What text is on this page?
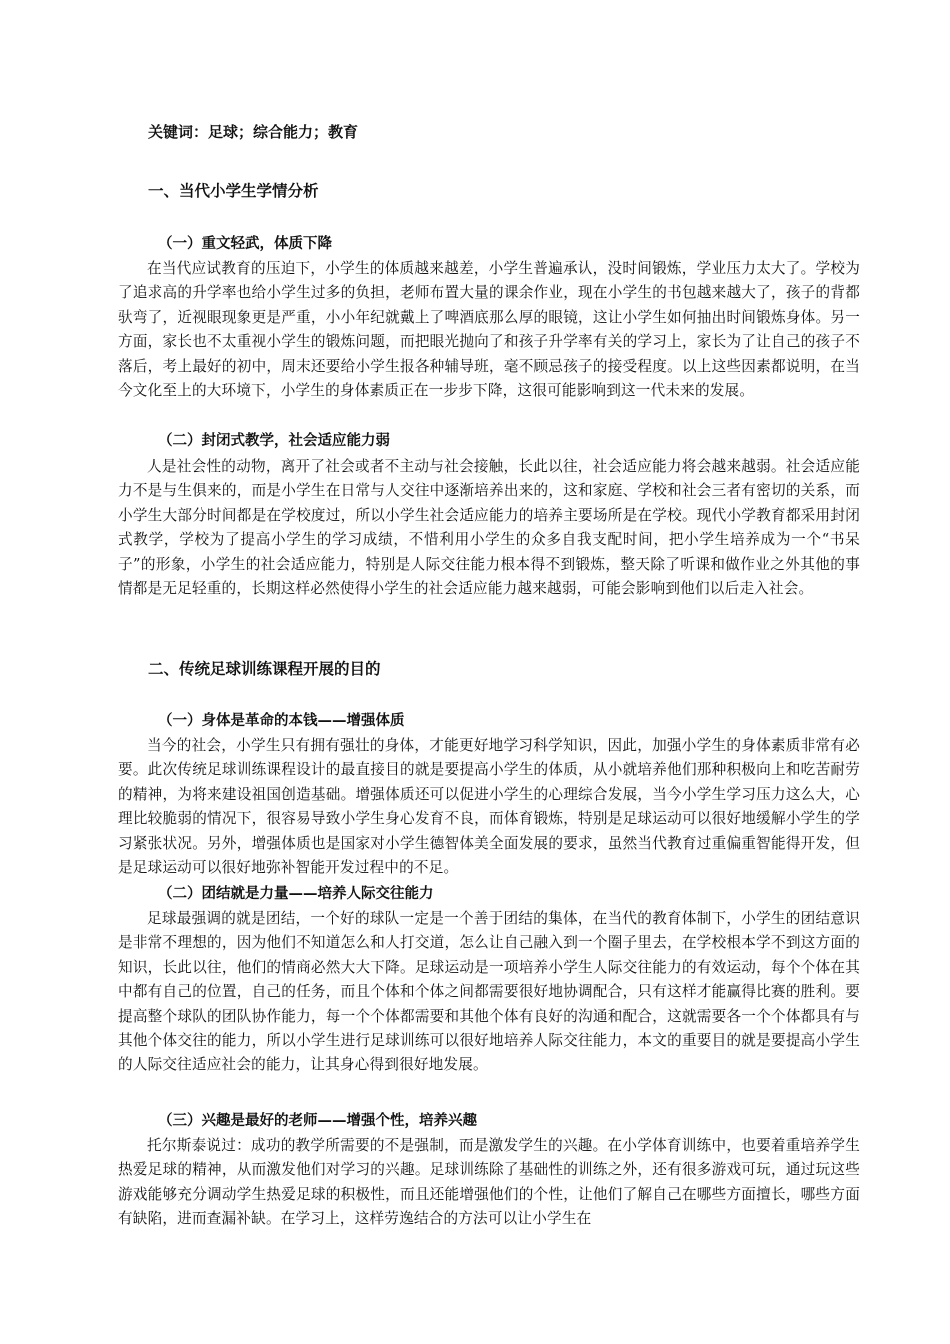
关键词：足球；综合能力；教育
一、当代小学生学情分析
（一）重文轻武，体质下降
在当代应试教育的压迫下，小学生的体质越来越差，小学生普遍承认，没时间锻炼，学业压力太大了。学校为了追求高的升学率也给小学生过多的负担，老师布置大量的课余作业，现在小学生的书包越来越大了，孩子的背都驮弯了，近视眼现象更是严重，小小年纪就戴上了啤酒底那么厚的眼镜，这让小学生如何抽出时间锻炼身体。另一方面，家长也不太重视小学生的锻炼问题，而把眼光抛向了和孩子升学率有关的学习上，家长为了让自己的孩子不落后，考上最好的初中，周末还要给小学生报各种辅导班，毫不顾忌孩子的接受程度。以上这些因素都说明，在当今文化至上的大环境下，小学生的身体素质正在一步步下降，这很可能影响到这一代未来的发展。
（二）封闭式教学，社会适应能力弱
人是社会性的动物，离开了社会或者不主动与社会接触，长此以往，社会适应能力将会越来越弱。社会适应能力不是与生俱来的，而是小学生在日常与人交往中逐渐培养出来的，这和家庭、学校和社会三者有密切的关系，而小学生大部分时间都是在学校度过，所以小学生社会适应能力的培养主要场所是在学校。现代小学教育都采用封闭式教学，学校为了提高小学生的学习成绩，不惜利用小学生的众多自我支配时间，把小学生培养成为一个“书呆子”的形象，小学生的社会适应能力，特别是人际交往能力根本得不到锻炼，整天除了听课和做作业之外其他的事情都是无足轻重的，长期这样必然使得小学生的社会适应能力越来越弱，可能会影响到他们以后走入社会。
二、传统足球训练课程开展的目的
（一）身体是革命的本钱——增强体质
当今的社会，小学生只有拥有强壮的身体，才能更好地学习科学知识，因此，加强小学生的身体素质非常有必要。此次传统足球训练课程设计的最直接目的就是要提高小学生的体质，从小就培养他们那种积极向上和吃苦耐劳的精神，为将来建设祖国创造基础。增强体质还可以促进小学生的心理综合发展，当今小学生学习压力这么大，心理比较脆弱的情况下，很容易导致小学生身心发育不良，而体育锻炼，特别是足球运动可以很好地缓解小学生的学习紧张状况。另外，增强体质也是国家对小学生德智体美全面发展的要求，虽然当代教育过重偏重智能得开发，但是足球运动可以很好地弥补智能开发过程中的不足。
（二）团结就是力量——培养人际交往能力
足球最强调的就是团结，一个好的球队一定是一个善于团结的集体，在当代的教育体制下，小学生的团结意识是非常不理想的，因为他们不知道怎么和人打交道，怎么让自己融入到一个圈子里去，在学校根本学不到这方面的知识，长此以往，他们的情商必然大大下降。足球运动是一项培养小学生人际交往能力的有效运动，每个个体在其中都有自己的位置，自己的任务，而且个体和个体之间都需要很好地协调配合，只有这样才能赢得比赛的胜利。要提高整个球队的团队协作能力，每一个个体都需要和其他个体有良好的沟通和配合，这就需要各一个个体都具有与其他个体交往的能力，所以小学生进行足球训练可以很好地培养人际交往能力，本文的重要目的就是要提高小学生的人际交往适应社会的能力，让其身心得到很好地发展。
（三）兴趣是最好的老师——增强个性，培养兴趣
托尔斯泰说过：成功的教学所需要的不是强制，而是激发学生的兴趣。在小学体育训练中，也要着重培养学生热爱足球的精神，从而激发他们对学习的兴趣。足球训练除了基础性的训练之外，还有很多游戏可玩，通过玩这些游戏能够充分调动学生热爱足球的积极性，而且还能增强他们的个性，让他们了解自己在哪些方面擅长，哪些方面有缺陷，进而查漏补缺。在学习上，这样劳逸结合的方法可以让小学生在
